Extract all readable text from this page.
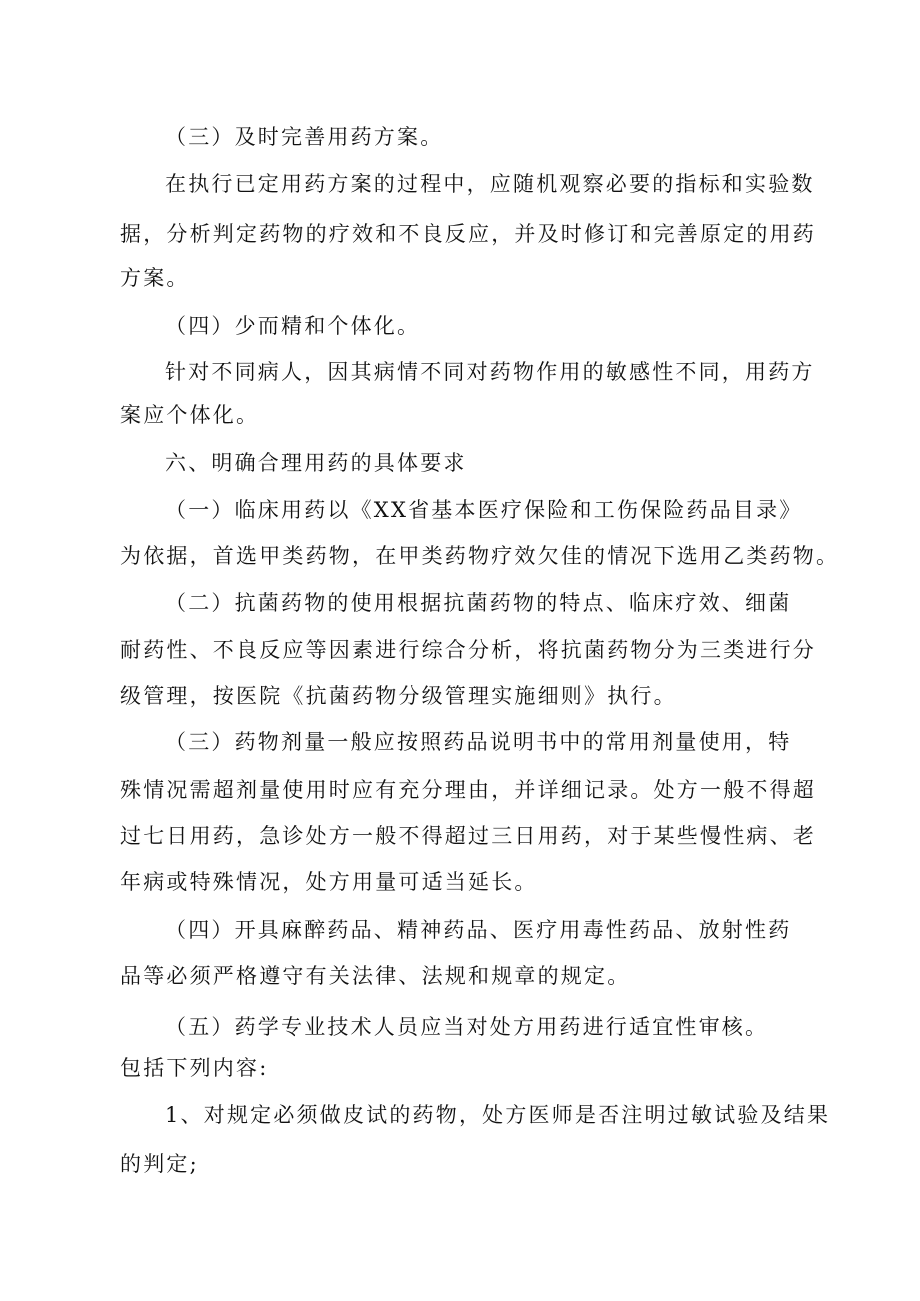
（三）及时完善用药方案。
在执行已定用药方案的过程中，应随机观察必要的指标和实验数
据，分析判定药物的疗效和不良反应，并及时修订和完善原定的用药
方案。
（四）少而精和个体化。
针对不同病人，因其病情不同对药物作用的敏感性不同，用药方
案应个体化。
六、明确合理用药的具体要求
（一）临床用药以《XX省基本医疗保险和工伤保险药品目录》
为依据，首选甲类药物，在甲类药物疗效欠佳的情况下选用乙类药物。
（二）抗菌药物的使用根据抗菌药物的特点、临床疗效、细菌
耐药性、不良反应等因素进行综合分析，将抗菌药物分为三类进行分
级管理，按医院《抗菌药物分级管理实施细则》执行。
（三）药物剂量一般应按照药品说明书中的常用剂量使用，特
殊情况需超剂量使用时应有充分理由，并详细记录。处方一般不得超
过七日用药，急诊处方一般不得超过三日用药，对于某些慢性病、老
年病或特殊情况，处方用量可适当延长。
（四）开具麻醉药品、精神药品、医疗用毒性药品、放射性药
品等必须严格遵守有关法律、法规和规章的规定。
（五）药学专业技术人员应当对处方用药进行适宜性审核。
包括下列内容:
1、对规定必须做皮试的药物，处方医师是否注明过敏试验及结果
的判定;
